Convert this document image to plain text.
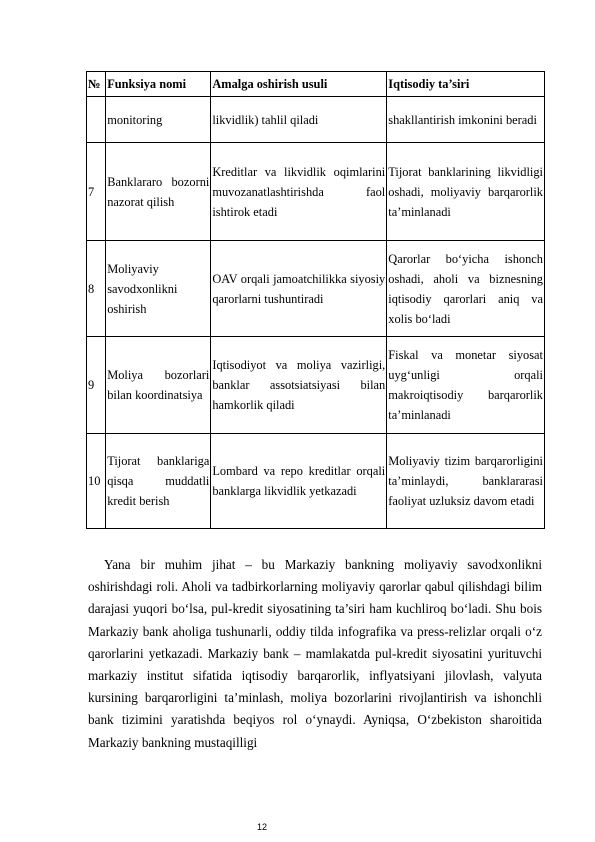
№	Funksiya nomi	Amalga oshirish usuli	Iqtisodiy ta’siri
	monitoring	likvidlik) tahlil qiladi	shakllantirish imkonini beradi
7	Banklararo bozorni nazorat qilish	Kreditlar va likvidlik oqimlarini muvozanatlashtirishda faol ishtirok etadi	Tijorat banklarining likvidligi oshadi, moliyaviy barqarorlik ta’minlanadi
8	Moliyaviy savodxonlikni oshirish	OAV orqali jamoatchilikka siyosiy qarorlarni tushuntiradi	Qarorlar bo‘yicha ishonch oshadi, aholi va biznesning iqtisodiy qarorlari aniq va xolis bo‘ladi
9	Moliya bozorlari bilan koordinatsiya	Iqtisodiyot va moliya vazirligi, banklar assotsiatsiyasi bilan hamkorlik qiladi	Fiskal va monetar siyosat uyg‘unligi orqali makroiqtisodiy barqarorlik ta’minlanadi
10	Tijorat banklariga qisqa muddatli kredit berish	Lombard va repo kreditlar orqali banklarga likvidlik yetkazadi	Moliyaviy tizim barqarorligini ta’minlaydi, banklararasi faoliyat uzluksiz davom etadi

Yana bir muhim jihat – bu Markaziy bankning moliyaviy savodxonlikni oshirishdagi roli. Aholi va tadbirkorlarning moliyaviy qarorlar qabul qilishdagi bilim darajasi yuqori bo‘lsa, pul-kredit siyosatining ta’siri ham kuchliroq bo‘ladi. Shu bois Markaziy bank aholiga tushunarli, oddiy tilda infografika va press-relizlar orqali o‘z qarorlarini yetkazadi. Markaziy bank – mamlakatda pul-kredit siyosatini yurituvchi markaziy institut sifatida iqtisodiy barqarorlik, inflyatsiyani jilovlash, valyuta kursining barqarorligini ta’minlash, moliya bozorlarini rivojlantirish va ishonchli bank tizimini yaratishda beqiyos rol o‘ynaydi. Ayniqsa, O‘zbekiston sharoitida Markaziy bankning mustaqilligi

12
